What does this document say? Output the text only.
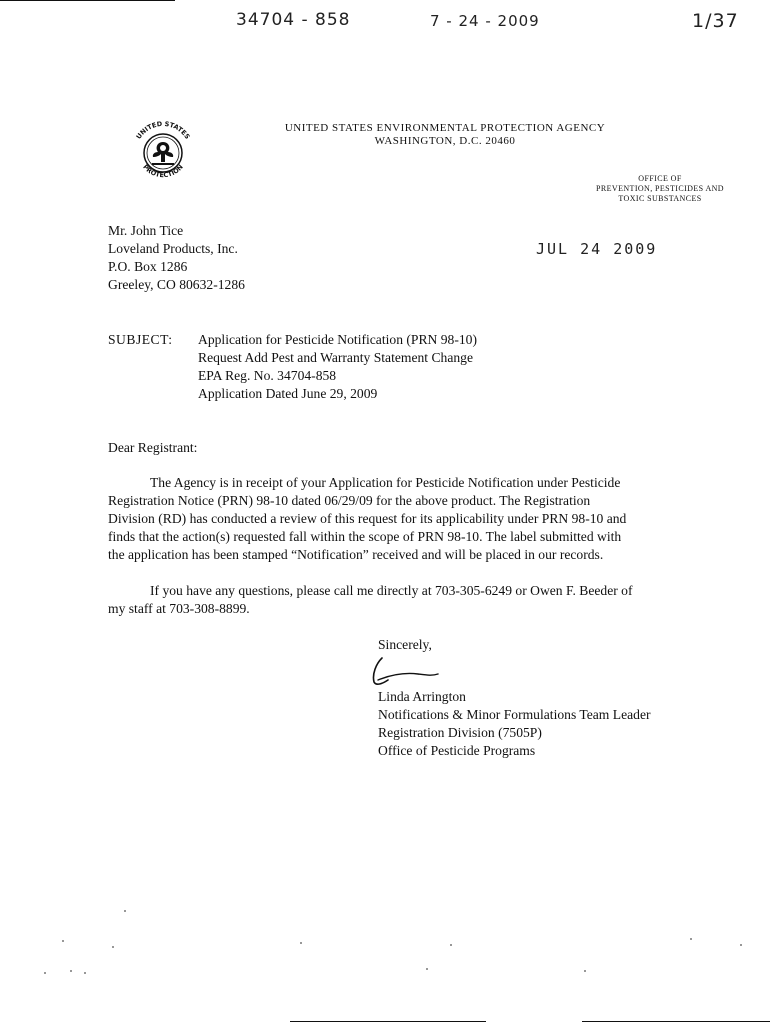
34704 - 858	7 - 24 - 2009	1/37
UNITED STATES
PROTECTION
UNITED STATES ENVIRONMENTAL PROTECTION AGENCY
WASHINGTON, D.C. 20460
OFFICE OF
PREVENTION, PESTICIDES AND
TOXIC SUBSTANCES
Mr. John Tice
Loveland Products, Inc.
P.O. Box 1286
Greeley, CO 80632-1286
JUL 24 2009
SUBJECT: Application for Pesticide Notification (PRN 98-10)
Request Add Pest and Warranty Statement Change
EPA Reg. No. 34704-858
Application Dated June 29, 2009
Dear Registrant:

The Agency is in receipt of your Application for Pesticide Notification under Pesticide

Registration Notice (PRN) 98-10 dated 06/29/09 for the above product. The Registration

Division (RD) has conducted a review of this request for its applicability under PRN 98-10 and

finds that the action(s) requested fall within the scope of PRN 98-10. The label submitted with

the application has been stamped “Notification” received and will be placed in our records.

If you have any questions, please call me directly at 703-305-6249 or Owen F. Beeder of

my staff at 703-308-8899.

Sincerely,
Linda Arrington
Notifications & Minor Formulations Team Leader
Registration Division (7505P)
Office of Pesticide Programs
